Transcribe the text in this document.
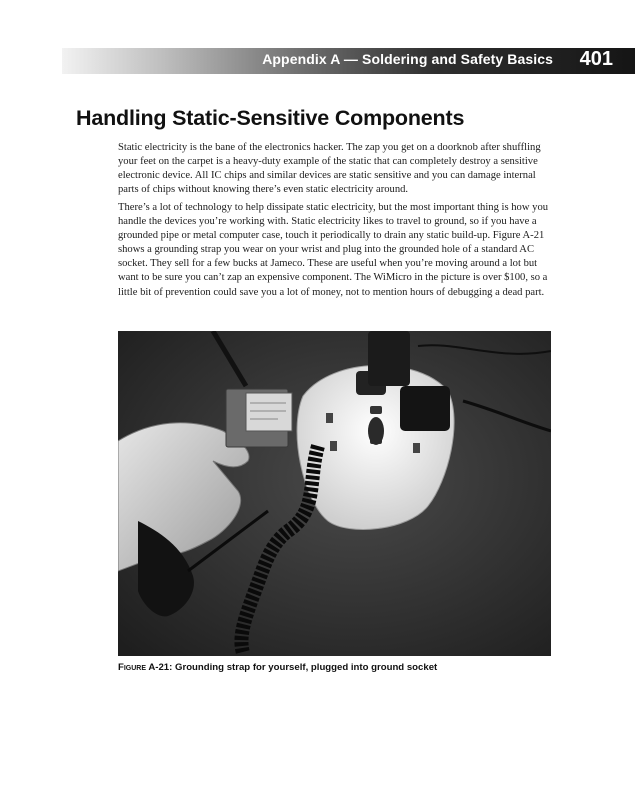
Appendix A — Soldering and Safety Basics 401
Handling Static-Sensitive Components

Static electricity is the bane of the electronics hacker. The zap you get on a doorknob after shuffling your feet on the carpet is a heavy-duty example of the static that can completely destroy a sensitive electronic device. All IC chips and similar devices are static sensitive and you can damage internal parts of chips without knowing there’s even static electricity around.

There’s a lot of technology to help dissipate static electricity, but the most important thing is how you handle the devices you’re working with. Static electricity likes to travel to ground, so if you have a grounded pipe or metal computer case, touch it periodically to drain any static build-up. Figure A-21 shows a grounding strap you wear on your wrist and plug into the grounded hole of a standard AC socket. They sell for a few bucks at Jameco. These are useful when you’re moving around a lot but want to be sure you can’t zap an expensive component. The WiMicro in the picture is over $100, so a little bit of prevention could save you a lot of money, not to mention hours of debugging a dead part.

Figure A-21: Grounding strap for yourself, plugged into ground socket
